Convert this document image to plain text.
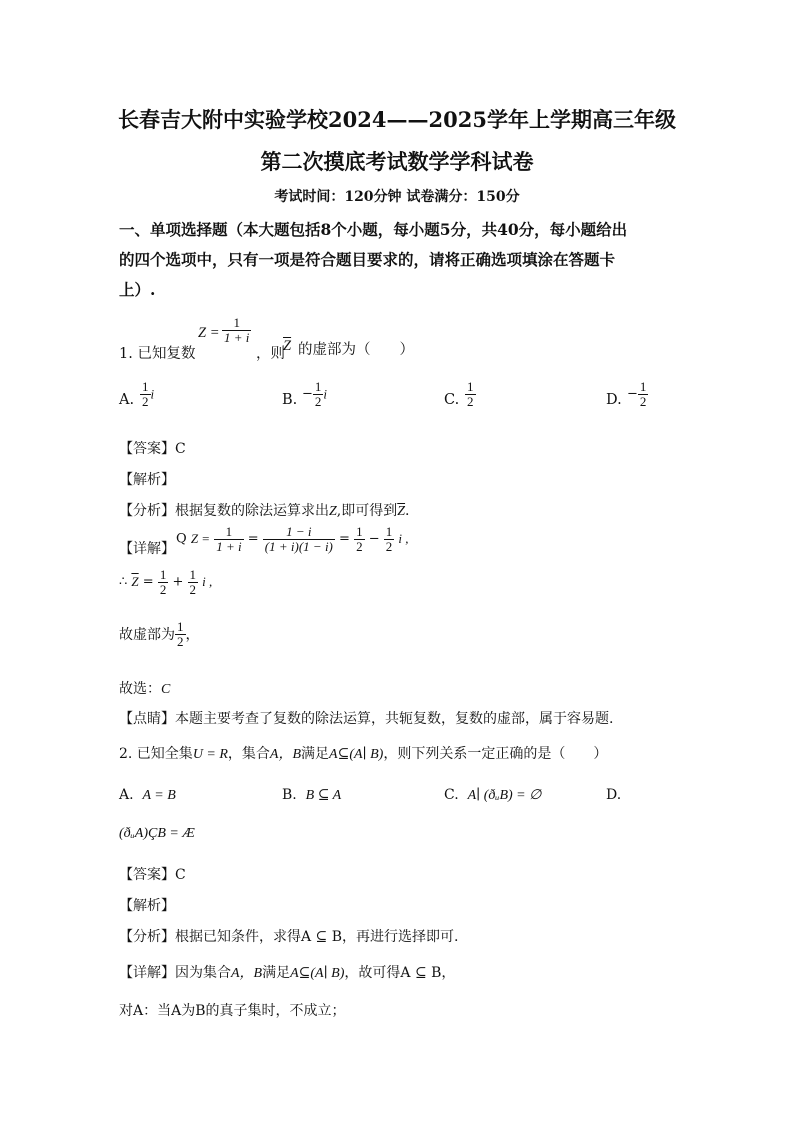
长春吉大附中实验学校2024——2025学年上学期高三年级
第二次摸底考试数学学科试卷
考试时间：120分钟 试卷满分：150分
一、单项选择题（本大题包括8个小题，每小题5分，共40分，每小题给出
的四个选项中，只有一项是符合题目要求的，请将正确选项填涂在答题卡
上）.
1. 已知复数
$Z = \frac{1}{1 + i}$
，则
$\overline{Z}$ 的虚部为（　　）
A. $\frac{1}{2}$ i	B. − $\frac{1}{2}$ i	C. $\frac{1}{2}$	D. − $\frac{1}{2}$
【答案】C
【解析】
【分析】根据复数的除法运算求出Z,即可得到$\overline{Z}$.
【详解】
Q $Z = \frac{1}{1 + i} = \frac{1 - i}{(1 + i)(1 - i)} = \frac{1}{2} - \frac{1}{2}$ i ,
∴ $\overline{Z} = \frac{1}{2} + \frac{1}{2}$ i ,
故虚部为 $\frac{1}{2}$ ，
故选：C
【点睛】本题主要考查了复数的除法运算，共轭复数，复数的虚部，属于容易题.
2. 已知全集U = R，集合A，B满足A⊆(A∣ B)，则下列关系一定正确的是（　　）
A. A = B	B. B ⊆ A	C. A∣ (ðᵤB) = ∅	D.
(ðᵤA)ÇB = Æ
【答案】C
【解析】
【分析】根据已知条件，求得A ⊆ B，再进行选择即可.
【详解】因为集合A，B满足A⊆(A∣ B)，故可得A ⊆ B，
对A：当A为B的真子集时，不成立；
